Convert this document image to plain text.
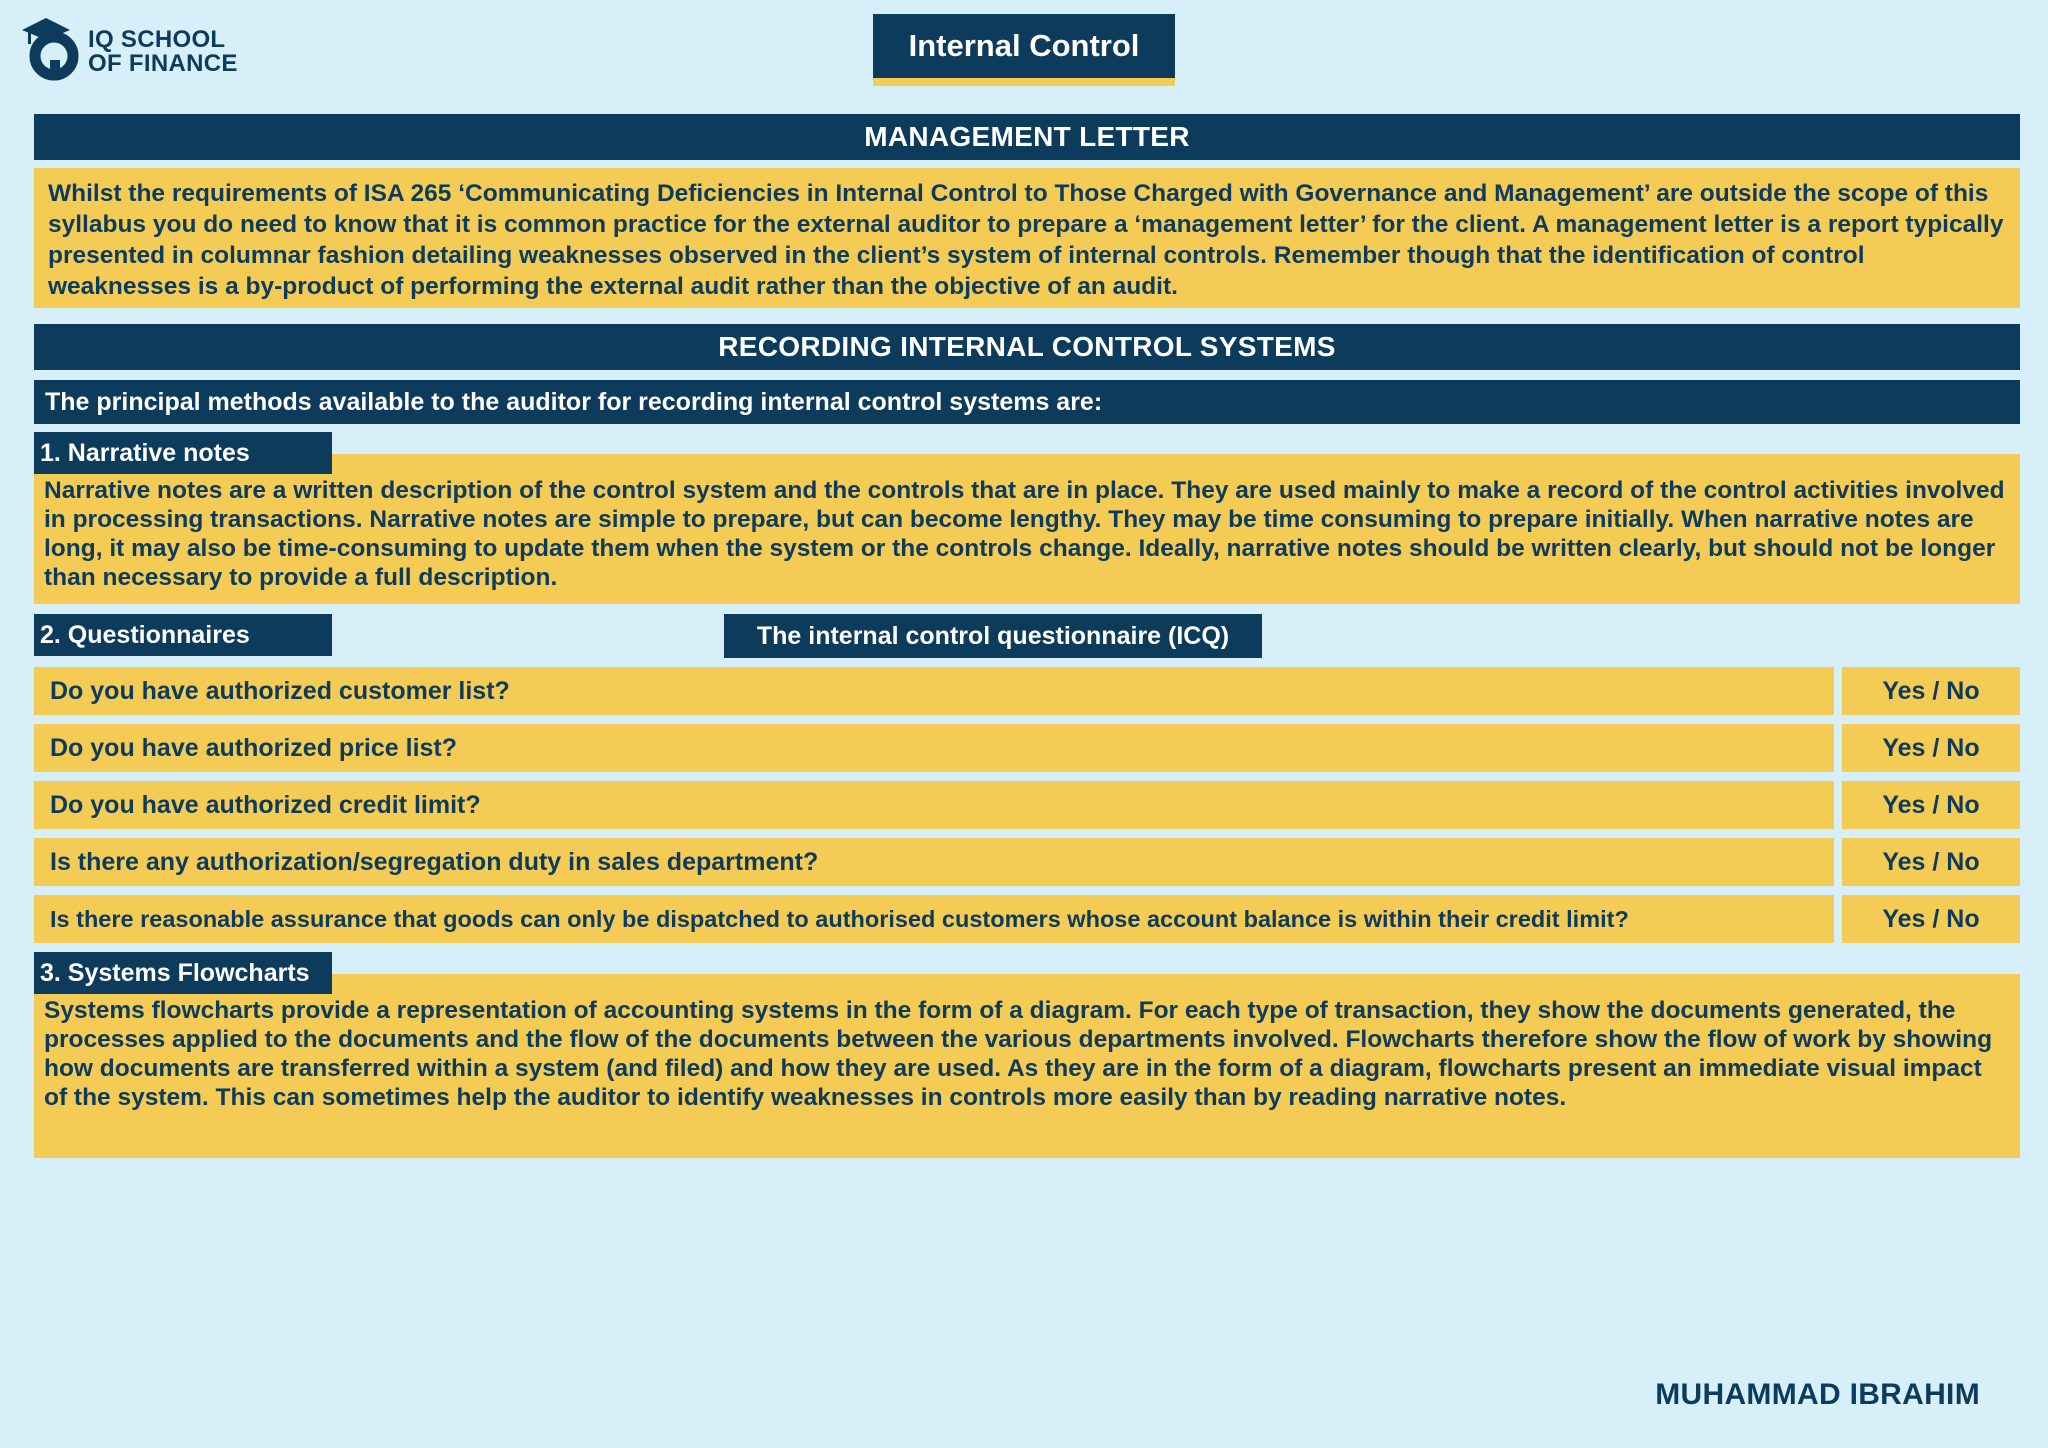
IQ SCHOOL
OF FINANCE
Internal Control
MANAGEMENT LETTER
Whilst the requirements of ISA 265 ‘Communicating Deficiencies in Internal Control to Those Charged with Governance and Management’ are outside the scope of this syllabus you do need to know that it is common practice for the external auditor to prepare a ‘management letter’ for the client. A management letter is a report typically presented in columnar fashion detailing weaknesses observed in the client’s system of internal controls. Remember though that the identification of control weaknesses is a by-product of performing the external audit rather than the objective of an audit.
RECORDING INTERNAL CONTROL SYSTEMS
The principal methods available to the auditor for recording internal control systems are:
Narrative notes are a written description of the control system and the controls that are in place. They are used mainly to make a record of the control activities involved in processing transactions. Narrative notes are simple to prepare, but can become lengthy. They may be time consuming to prepare initially. When narrative notes are long, it may also be time-consuming to update them when the system or the controls change. Ideally, narrative notes should be written clearly, but should not be longer than necessary to provide a full description.
1. Narrative notes
2. Questionnaires	The internal control questionnaire (ICQ)
Do you have authorized customer list?	Yes / No
Do you have authorized price list?	Yes / No
Do you have authorized credit limit?	Yes / No
Is there any authorization/segregation duty in sales department?	Yes / No
Is there reasonable assurance that goods can only be dispatched to authorised customers whose account balance is within their credit limit?	Yes / No
Systems flowcharts provide a representation of accounting systems in the form of a diagram. For each type of transaction, they show the documents generated, the processes applied to the documents and the flow of the documents between the various departments involved. Flowcharts therefore show the flow of work by showing how documents are transferred within a system (and filed) and how they are used. As they are in the form of a diagram, flowcharts present an immediate visual impact of the system. This can sometimes help the auditor to identify weaknesses in controls more easily than by reading narrative notes.
3. Systems Flowcharts
MUHAMMAD IBRAHIM
